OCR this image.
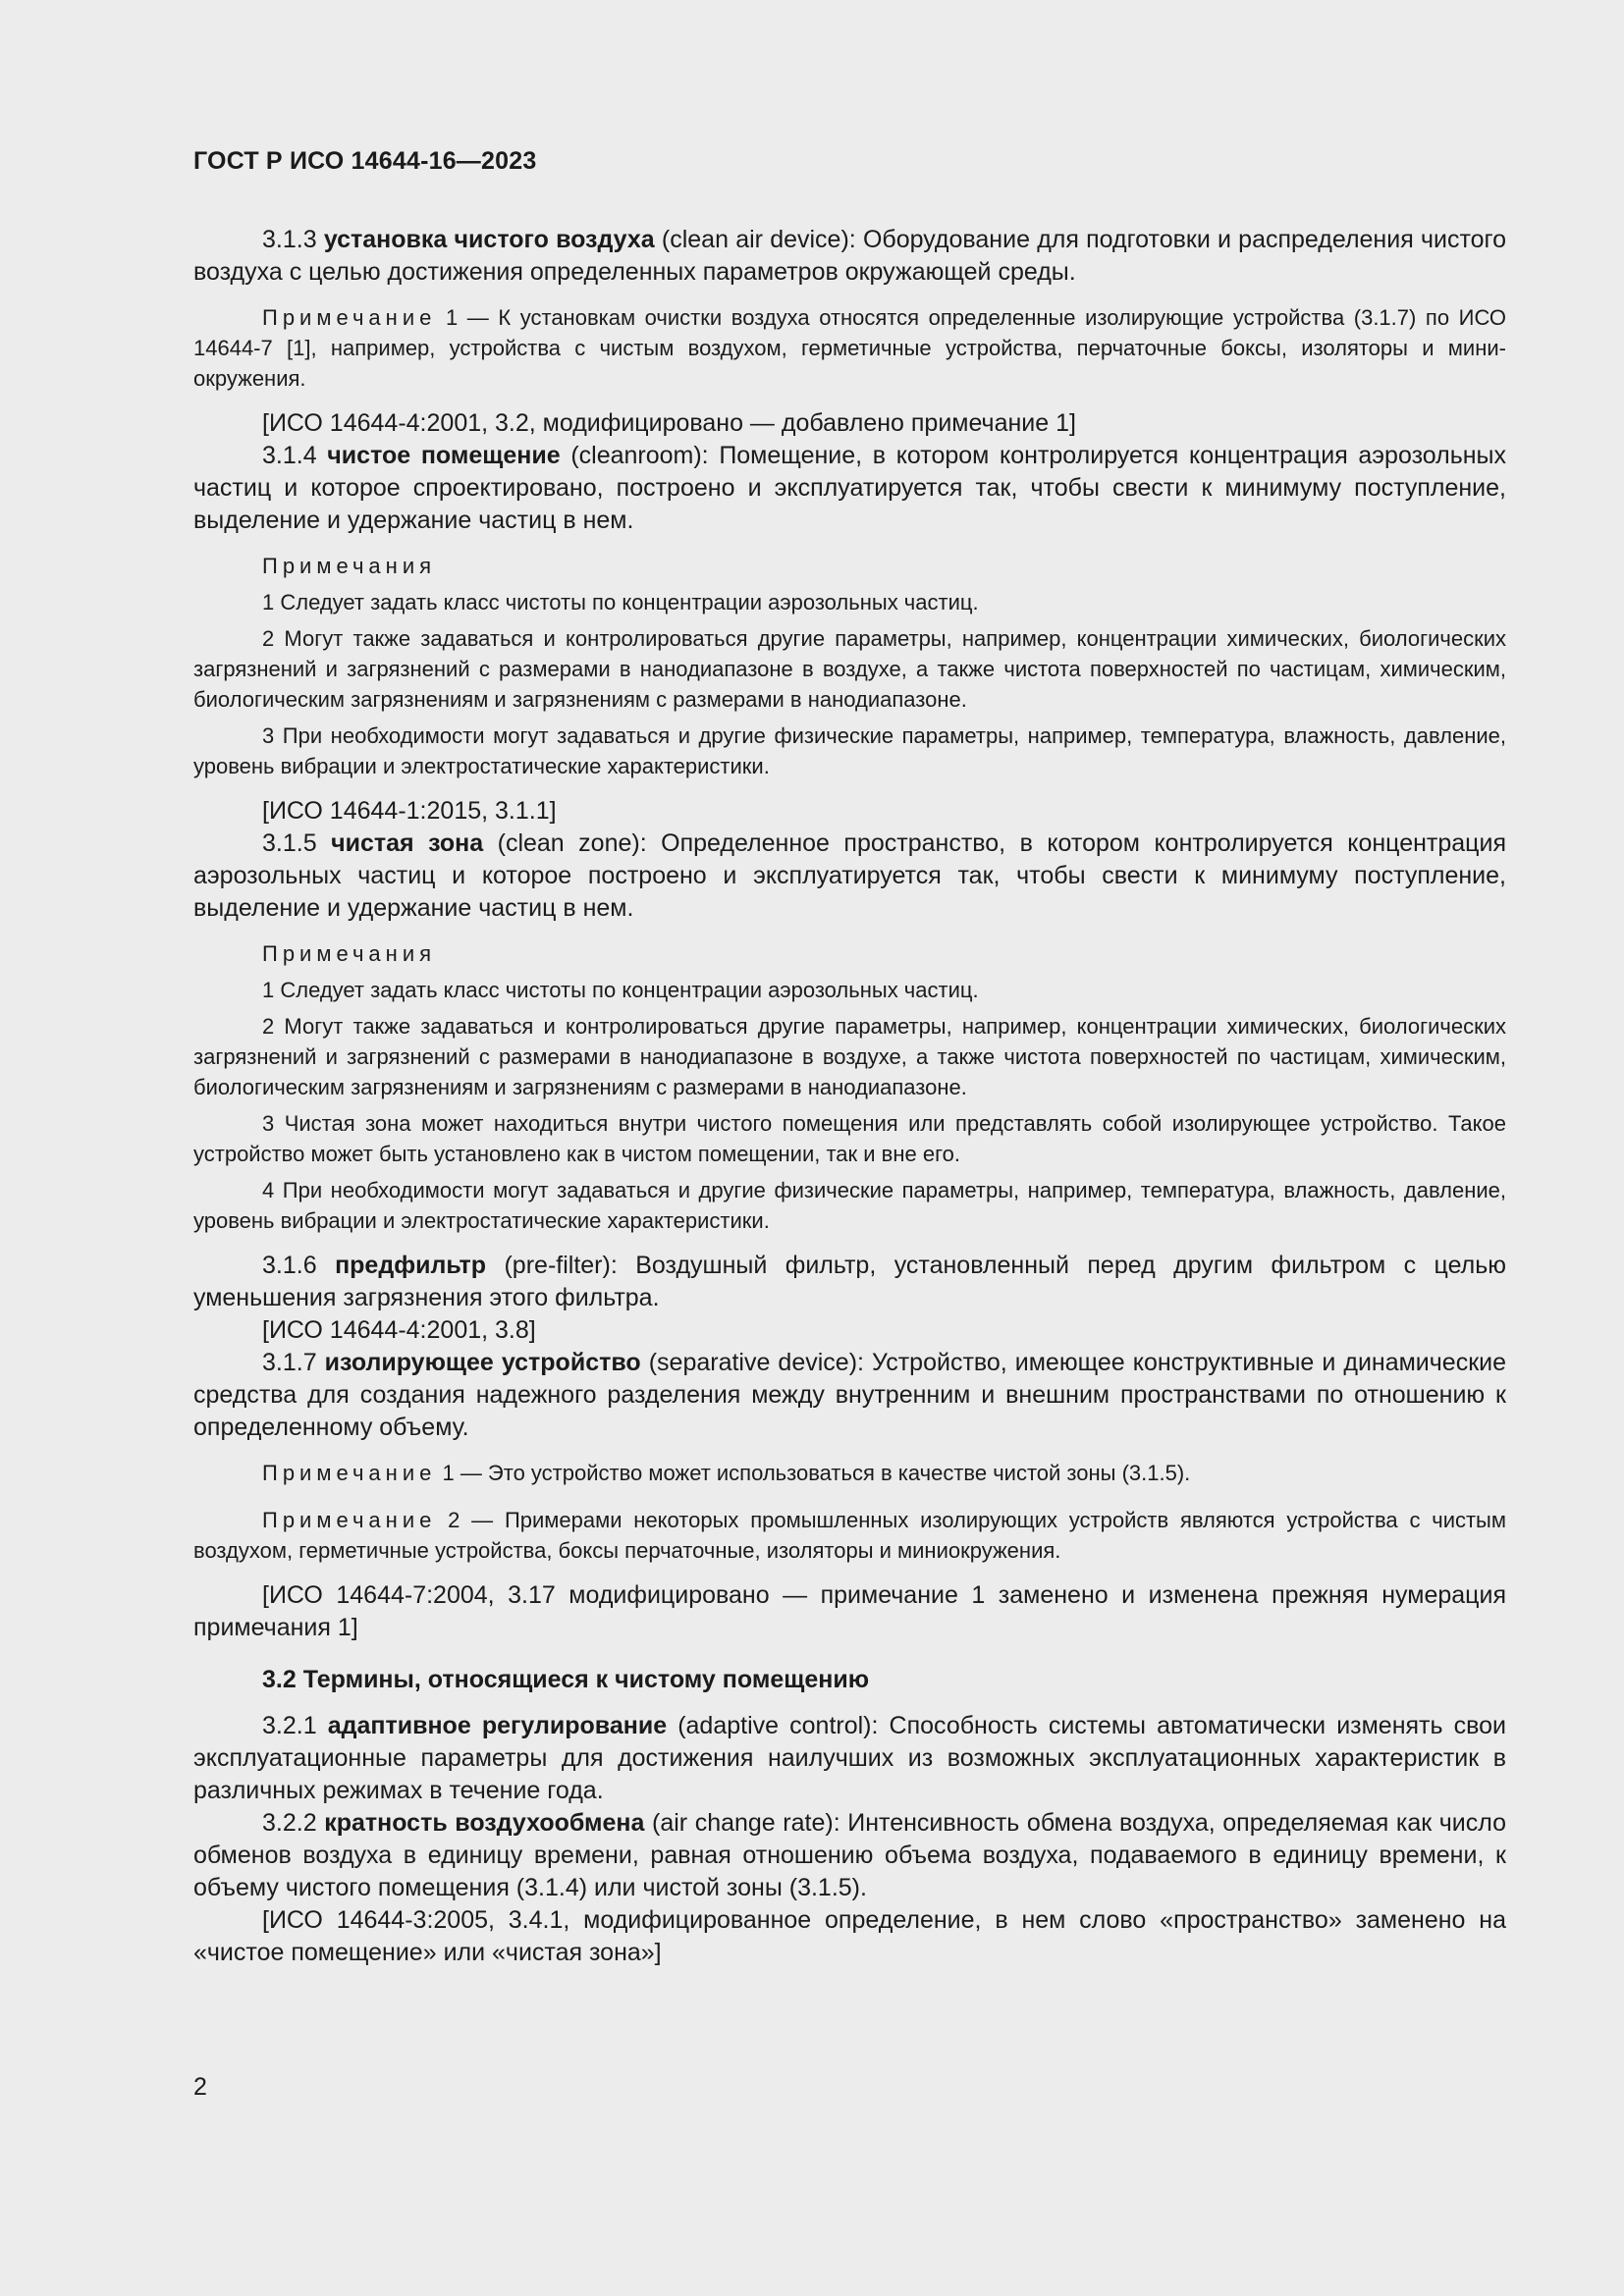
ГОСТ Р ИСО 14644-16—2023

3.1.3 установка чистого воздуха (clean air device): Оборудование для подготовки и распределения чистого воздуха с целью достижения определенных параметров окружающей среды.

Примечание 1 — К установкам очистки воздуха относятся определенные изолирующие устройства (3.1.7) по ИСО 14644-7 [1], например, устройства с чистым воздухом, герметичные устройства, перчаточные боксы, изоляторы и мини-окружения.

[ИСО 14644-4:2001, 3.2, модифицировано — добавлено примечание 1]

3.1.4 чистое помещение (cleanroom): Помещение, в котором контролируется концентрация аэрозольных частиц и которое спроектировано, построено и эксплуатируется так, чтобы свести к минимуму поступление, выделение и удержание частиц в нем.

Примечания

1 Следует задать класс чистоты по концентрации аэрозольных частиц.

2 Могут также задаваться и контролироваться другие параметры, например, концентрации химических, биологических загрязнений и загрязнений с размерами в нанодиапазоне в воздухе, а также чистота поверхностей по частицам, химическим, биологическим загрязнениям и загрязнениям с размерами в нанодиапазоне.

3 При необходимости могут задаваться и другие физические параметры, например, температура, влажность, давление, уровень вибрации и электростатические характеристики.

[ИСО 14644-1:2015, 3.1.1]

3.1.5 чистая зона (clean zone): Определенное пространство, в котором контролируется концентрация аэрозольных частиц и которое построено и эксплуатируется так, чтобы свести к минимуму поступление, выделение и удержание частиц в нем.

Примечания

1 Следует задать класс чистоты по концентрации аэрозольных частиц.

2 Могут также задаваться и контролироваться другие параметры, например, концентрации химических, биологических загрязнений и загрязнений с размерами в нанодиапазоне в воздухе, а также чистота поверхностей по частицам, химическим, биологическим загрязнениям и загрязнениям с размерами в нанодиапазоне.

3 Чистая зона может находиться внутри чистого помещения или представлять собой изолирующее устройство. Такое устройство может быть установлено как в чистом помещении, так и вне его.

4 При необходимости могут задаваться и другие физические параметры, например, температура, влажность, давление, уровень вибрации и электростатические характеристики.

3.1.6 предфильтр (pre-filter): Воздушный фильтр, установленный перед другим фильтром с целью уменьшения загрязнения этого фильтра.

[ИСО 14644-4:2001, 3.8]

3.1.7 изолирующее устройство (separative device): Устройство, имеющее конструктивные и динамические средства для создания надежного разделения между внутренним и внешним пространствами по отношению к определенному объему.

Примечание 1 — Это устройство может использоваться в качестве чистой зоны (3.1.5).

Примечание 2 — Примерами некоторых промышленных изолирующих устройств являются устройства с чистым воздухом, герметичные устройства, боксы перчаточные, изоляторы и миниокружения.

[ИСО 14644-7:2004, 3.17 модифицировано — примечание 1 заменено и изменена прежняя нумерация примечания 1]

3.2 Термины, относящиеся к чистому помещению

3.2.1 адаптивное регулирование (adaptive control): Способность системы автоматически изменять свои эксплуатационные параметры для достижения наилучших из возможных эксплуатационных характеристик в различных режимах в течение года.

3.2.2 кратность воздухообмена (air change rate): Интенсивность обмена воздуха, определяемая как число обменов воздуха в единицу времени, равная отношению объема воздуха, подаваемого в единицу времени, к объему чистого помещения (3.1.4) или чистой зоны (3.1.5).

[ИСО 14644-3:2005, 3.4.1, модифицированное определение, в нем слово «пространство» заменено на «чистое помещение» или «чистая зона»]

2
